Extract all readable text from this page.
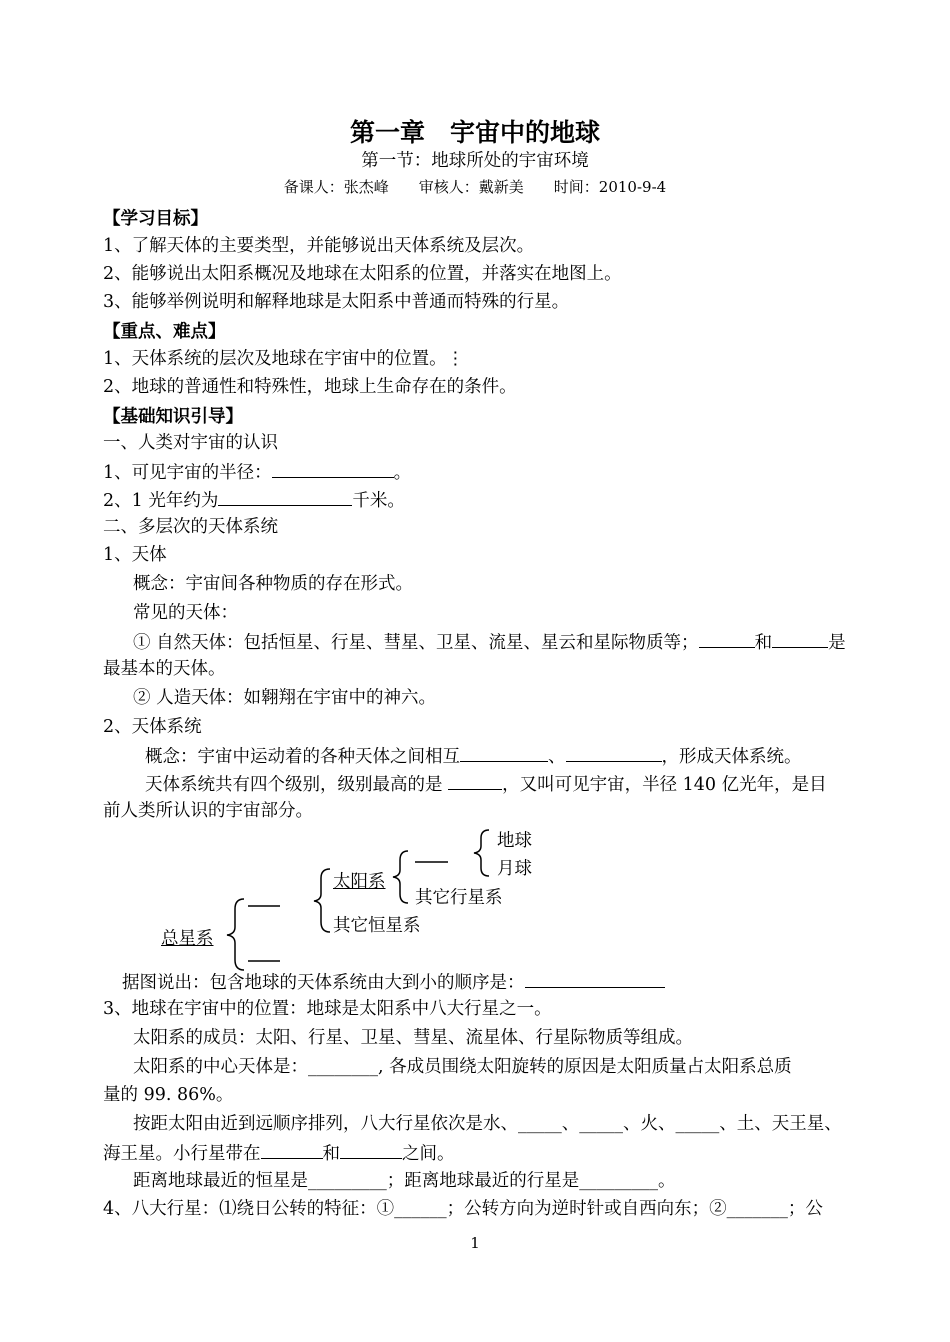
第一章　宇宙中的地球
第一节：地球所处的宇宙环境
备课人：张杰峰　　审核人：戴新美　　时间：2010-9-4
【学习目标】
1、了解天体的主要类型，并能够说出天体系统及层次。
2、能够说出太阳系概况及地球在太阳系的位置，并落实在地图上。
3、能够举例说明和解释地球是太阳系中普通而特殊的行星。
【重点、难点】
1、天体系统的层次及地球在宇宙中的位置。⋮
2、地球的普通性和特殊性，地球上生命存在的条件。
【基础知识引导】
一、人类对宇宙的认识
1、可见宇宙的半径：	。
2、1 光年约为	千米。
二、多层次的天体系统
1、天体
概念：宇宙间各种物质的存在形式。
常见的天体：
① 自然天体：包括恒星、行星、彗星、卫星、流星、星云和星际物质等；	和	是
最基本的天体。
② 人造天体：如翱翔在宇宙中的神六。
2、天体系统
概念：宇宙中运动着的各种天体之间相互	、	，形成天体系统。
天体系统共有四个级别，级别最高的是	，又叫可见宇宙，半径 140 亿光年，是目
前人类所认识的宇宙部分。
地球
月球
太阳系
其它行星系
其它恒星系
总星系
据图说出：包含地球的天体系统由大到小的顺序是：
3、地球在宇宙中的位置：地球是太阳系中八大行星之一。
太阳系的成员：太阳、行星、卫星、彗星、流星体、行星际物质等组成。
太阳系的中心天体是：________, 各成员围绕太阳旋转的原因是太阳质量占太阳系总质
量的 99. 86%。
按距太阳由近到远顺序排列，八大行星依次是水、_____、_____、火、_____、土、天王星、
海王星。小行星带在	和	之间。
距离地球最近的恒星是_________；距离地球最近的行星是_________。
4、八大行星：⑴绕日公转的特征：①______；公转方向为逆时针或自西向东；②_______；公
1
